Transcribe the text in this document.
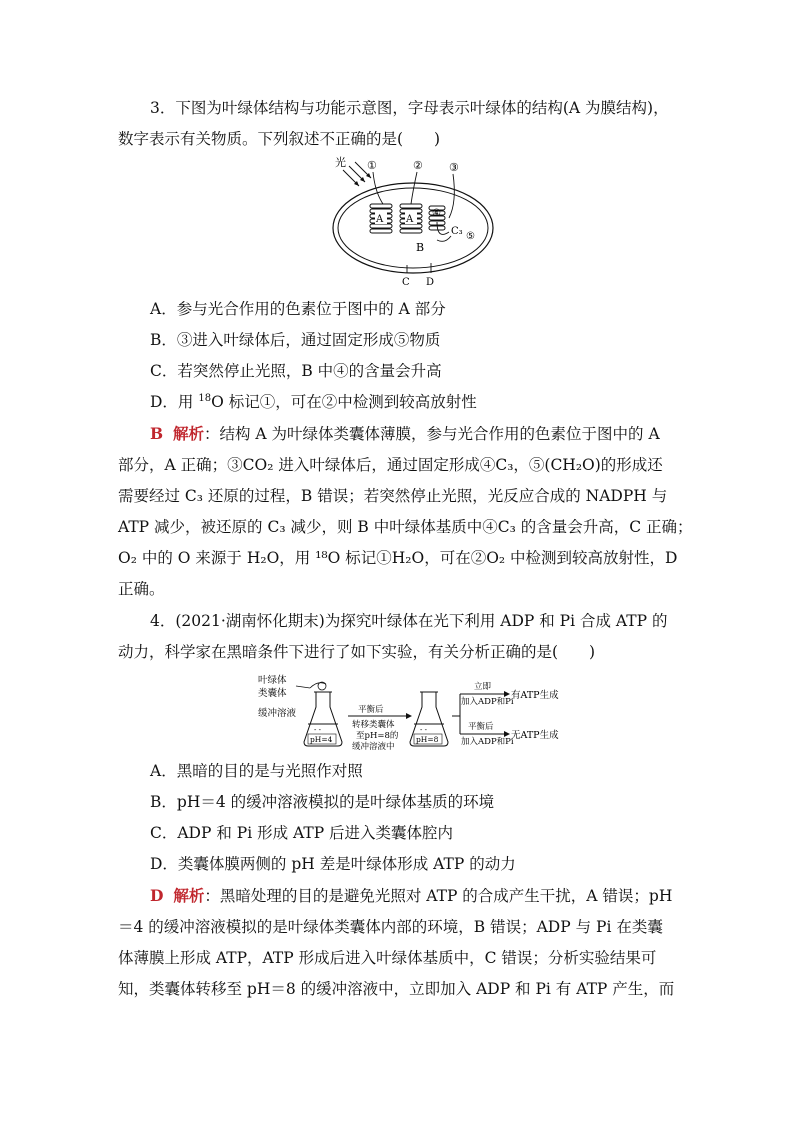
3．下图为叶绿体结构与功能示意图，字母表示叶绿体的结构(A 为膜结构)，
数字表示有关物质。下列叙述不正确的是(　　)
光
A A
①	② ③
④
⑤
C₃
B
C D
A．参与光合作用的色素位于图中的 A 部分
B．③进入叶绿体后，通过固定形成⑤物质
C．若突然停止光照，B 中④的含量会升高
D．用 $^{18}$O 标记①，可在②中检测到较高放射性
B 解析：结构 A 为叶绿体类囊体薄膜，参与光合作用的色素位于图中的 A
部分，A 正确；③CO₂ 进入叶绿体后，通过固定形成④C₃，⑤(CH₂O)的形成还
需要经过 C₃ 还原的过程，B 错误；若突然停止光照，光反应合成的 NADPH 与
ATP 减少，被还原的 C₃ 减少，则 B 中叶绿体基质中④C₃ 的含量会升高，C 正确；
O₂ 中的 O 来源于 H₂O，用 ¹⁸O 标记①H₂O，可在②O₂ 中检测到较高放射性，D
正确。
4．(2021·湖南怀化期末)为探究叶绿体在光下利用 ADP 和 Pi 合成 ATP 的
动力，科学家在黑暗条件下进行了如下实验，有关分析正确的是(　　)
叶绿体
类囊体
缓冲溶液
- -
pH=4
平衡后
转移类囊体
至pH=8的
缓冲溶液中
- -
pH=8
立即
加入ADP和Pi
有ATP生成
平衡后
加入ADP和Pi
无ATP生成
A．黑暗的目的是与光照作对照
B．pH＝4 的缓冲溶液模拟的是叶绿体基质的环境
C．ADP 和 Pi 形成 ATP 后进入类囊体腔内
D．类囊体膜两侧的 pH 差是叶绿体形成 ATP 的动力
D 解析：黑暗处理的目的是避免光照对 ATP 的合成产生干扰，A 错误；pH
＝4 的缓冲溶液模拟的是叶绿体类囊体内部的环境，B 错误；ADP 与 Pi 在类囊
体薄膜上形成 ATP，ATP 形成后进入叶绿体基质中，C 错误；分析实验结果可
知，类囊体转移至 pH＝8 的缓冲溶液中，立即加入 ADP 和 Pi 有 ATP 产生，而
